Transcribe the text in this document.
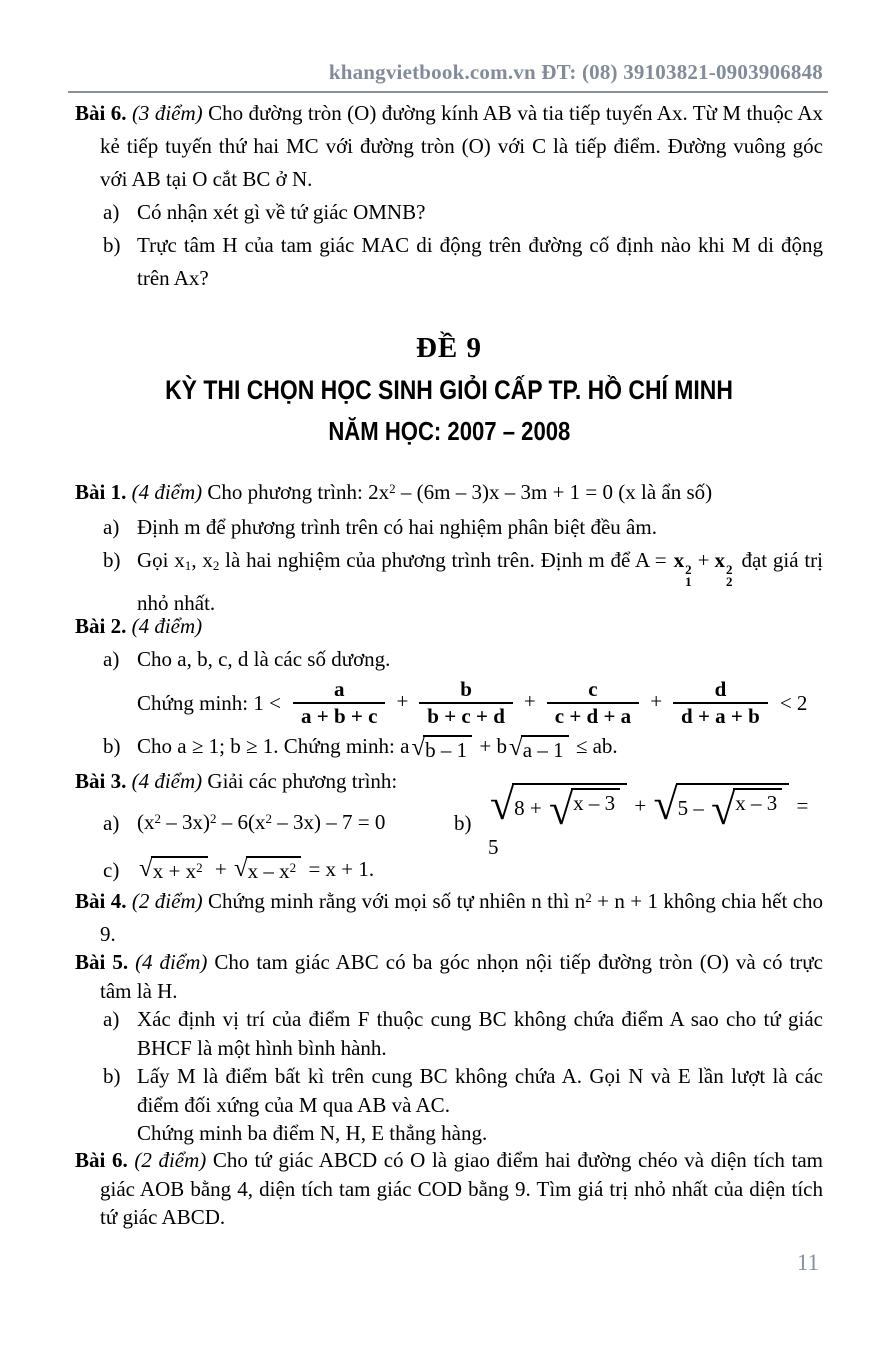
khangvietbook.com.vn ĐT: (08) 39103821-0903906848

Bài 6. (3 điểm) Cho đường tròn (O) đường kính AB và tia tiếp tuyến Ax. Từ M thuộc Ax kẻ tiếp tuyến thứ hai MC với đường tròn (O) với C là tiếp điểm. Đường vuông góc với AB tại O cắt BC ở N.

a) Có nhận xét gì về tứ giác OMNB?
b) Trực tâm H của tam giác MAC di động trên đường cố định nào khi M di động trên Ax?
ĐỀ 9
KỲ THI CHỌN HỌC SINH GIỎI CẤP TP. HỒ CHÍ MINH
NĂM HỌC: 2007 – 2008

Bài 1. (4 điểm) Cho phương trình: $2x^2 - (6m - 3)x - 3m + 1 = 0$ (x là ẩn số)

a) Định m để phương trình trên có hai nghiệm phân biệt đều âm.
b) Gọi x1, x2 là hai nghiệm của phương trình trên. Định m để A = x 2
1
+ x 2
2
đạt giá trị nhỏ nhất.

Bài 2. (4 điểm)

a) Cho a, b, c, d là các số dương.
Chứng minh: $1 < \frac{a}{a + b + c} + \frac{b}{b + c + d} + \frac{c}{c + d + a} + \frac{d}{d + a + b} < 2$
b) Cho a ≥ 1; b ≥ 1. Chứng minh: a √ b – 1 + b √ a – 1 ≤ ab.

Bài 3. (4 điểm) Giải các phương trình:

a) $(x^2 - 3x)^2 - 6(x^2 - 3x) - 7 = 0$	b) √ 8 + √ x – 3 + √ 5 – √ x – 3 = 5
c) √ $x + x^2$ + √ $x - x^2 = x + 1$.

Bài 4. (2 điểm) Chứng minh rằng với mọi số tự nhiên n thì $n^2 + n + 1$ không chia hết cho 9.

Bài 5. (4 điểm) Cho tam giác ABC có ba góc nhọn nội tiếp đường tròn (O) và có trực tâm là H.

a) Xác định vị trí của điểm F thuộc cung BC không chứa điểm A sao cho tứ giác BHCF là một hình bình hành.
b) Lấy M là điểm bất kì trên cung BC không chứa A. Gọi N và E lần lượt là các điểm đối xứng của M qua AB và AC.
Chứng minh ba điểm N, H, E thẳng hàng.

Bài 6. (2 điểm) Cho tứ giác ABCD có O là giao điểm hai đường chéo và diện tích tam giác AOB bằng 4, diện tích tam giác COD bằng 9. Tìm giá trị nhỏ nhất của diện tích tứ giác ABCD.

11
